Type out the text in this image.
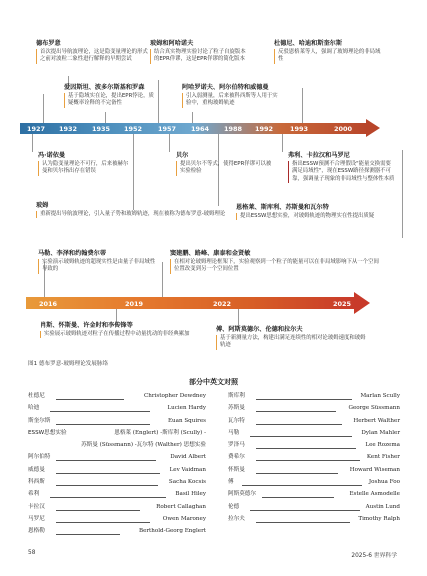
德布罗意
首次提出导航波理论，这是隐变量理论的形式之前对波粒二象性进行解释的早期尝试
爱因斯坦、波多尔斯基和罗森
基于隐域实在论，提出EPR悖论，质疑概率诠释的不完备性
玻姆和阿哈诺夫
结合真实物理实验讨论了粒子自旋版本的EPR佯谬，这是EPR佯谬的简化版本
阿哈罗诺夫、阿尔伯特和威德曼
引入弱测量，后来被科西斯等人用于实验中，重构玻姆轨迹
杜德尼、哈迪和斯奎尔斯
反驳恩格莱等人，强调了玻姆理论的非局域性
1927	1932	1935	1952	1957	1964	1988	1992	1993	2000
冯·诺依曼
认为隐变量理论不可行，后来被赫尔曼和贝尔指出存在错误
贝尔
提出贝尔不等式，使得EPR佯谬可以被实验检验
弗利、卡拉汉和马罗尼
指出ESSW预测不合理假设"能量交换需要满足局域性"，现在ESSW路径探测器不可靠，强调量子现象的非局域性与整体性本质
玻姆
重新提出导航波理论，引入量子势和玻姆轨迹，现在被称为德布罗意-玻姆理论
恩格莱、斯库利、苏斯曼和瓦尔特
提出ESSW思想实验，对玻姆轨迹的物理实在性提出质疑
马勒、李泽和约翰费尔蒂
实验演示玻姆轨迹的超现实性是由量子非局域性导致的
窦建鹏、路峰、康泰和金贤敏
在相对论玻姆理论框架下，实验观察到一个粒子的能量可以在非局域影响下从一个空间位置改变到另一个空间位置
2016	2019	2022	2025
肖斯、怀斯曼、许金时和李传锋等
实验展示玻姆轨迹对粒子在传播过程中动量扰动的非经典累加
傅、阿斯莫德尔、伦德和拉尔夫
基于新测量方法，构建出满足连续性的相对论玻姆速度和玻姆轨迹
图1 德布罗意-玻姆理论发展脉络
部分中英文对照
杜德尼	Christopher Dewdney
哈迪	Lucien Hardy
斯奎尔斯	Euan Squires
ESSW思想实验	恩格莱 (Englert) -斯库利 (Scully) -
苏斯曼 (Süssmann) -瓦尔特 (Walther) 思想实验
阿尔伯特	David Albert
威德曼	Lev Vaidman
科西斯	Sacha Kocsis
希利	Basil Hiley
卡拉汉	Robert Callaghan
马罗尼	Owen Maroney
恩格勒	Berthold-Georg Englert
斯库利	Marlan Scully
苏斯曼	George Süssmann
瓦尔特	Herbert Walther
马勒	Dylan Mahler
罗泽马	Lee Rozema
费希尔	Kent Fisher
怀斯曼	Howard Wiseman
傅	Joshua Foo
阿斯莫德尔	Estelle Asmodelle
伦德	Austin Lund
拉尔夫	Timothy Ralph
58	2025-6 世界科学
